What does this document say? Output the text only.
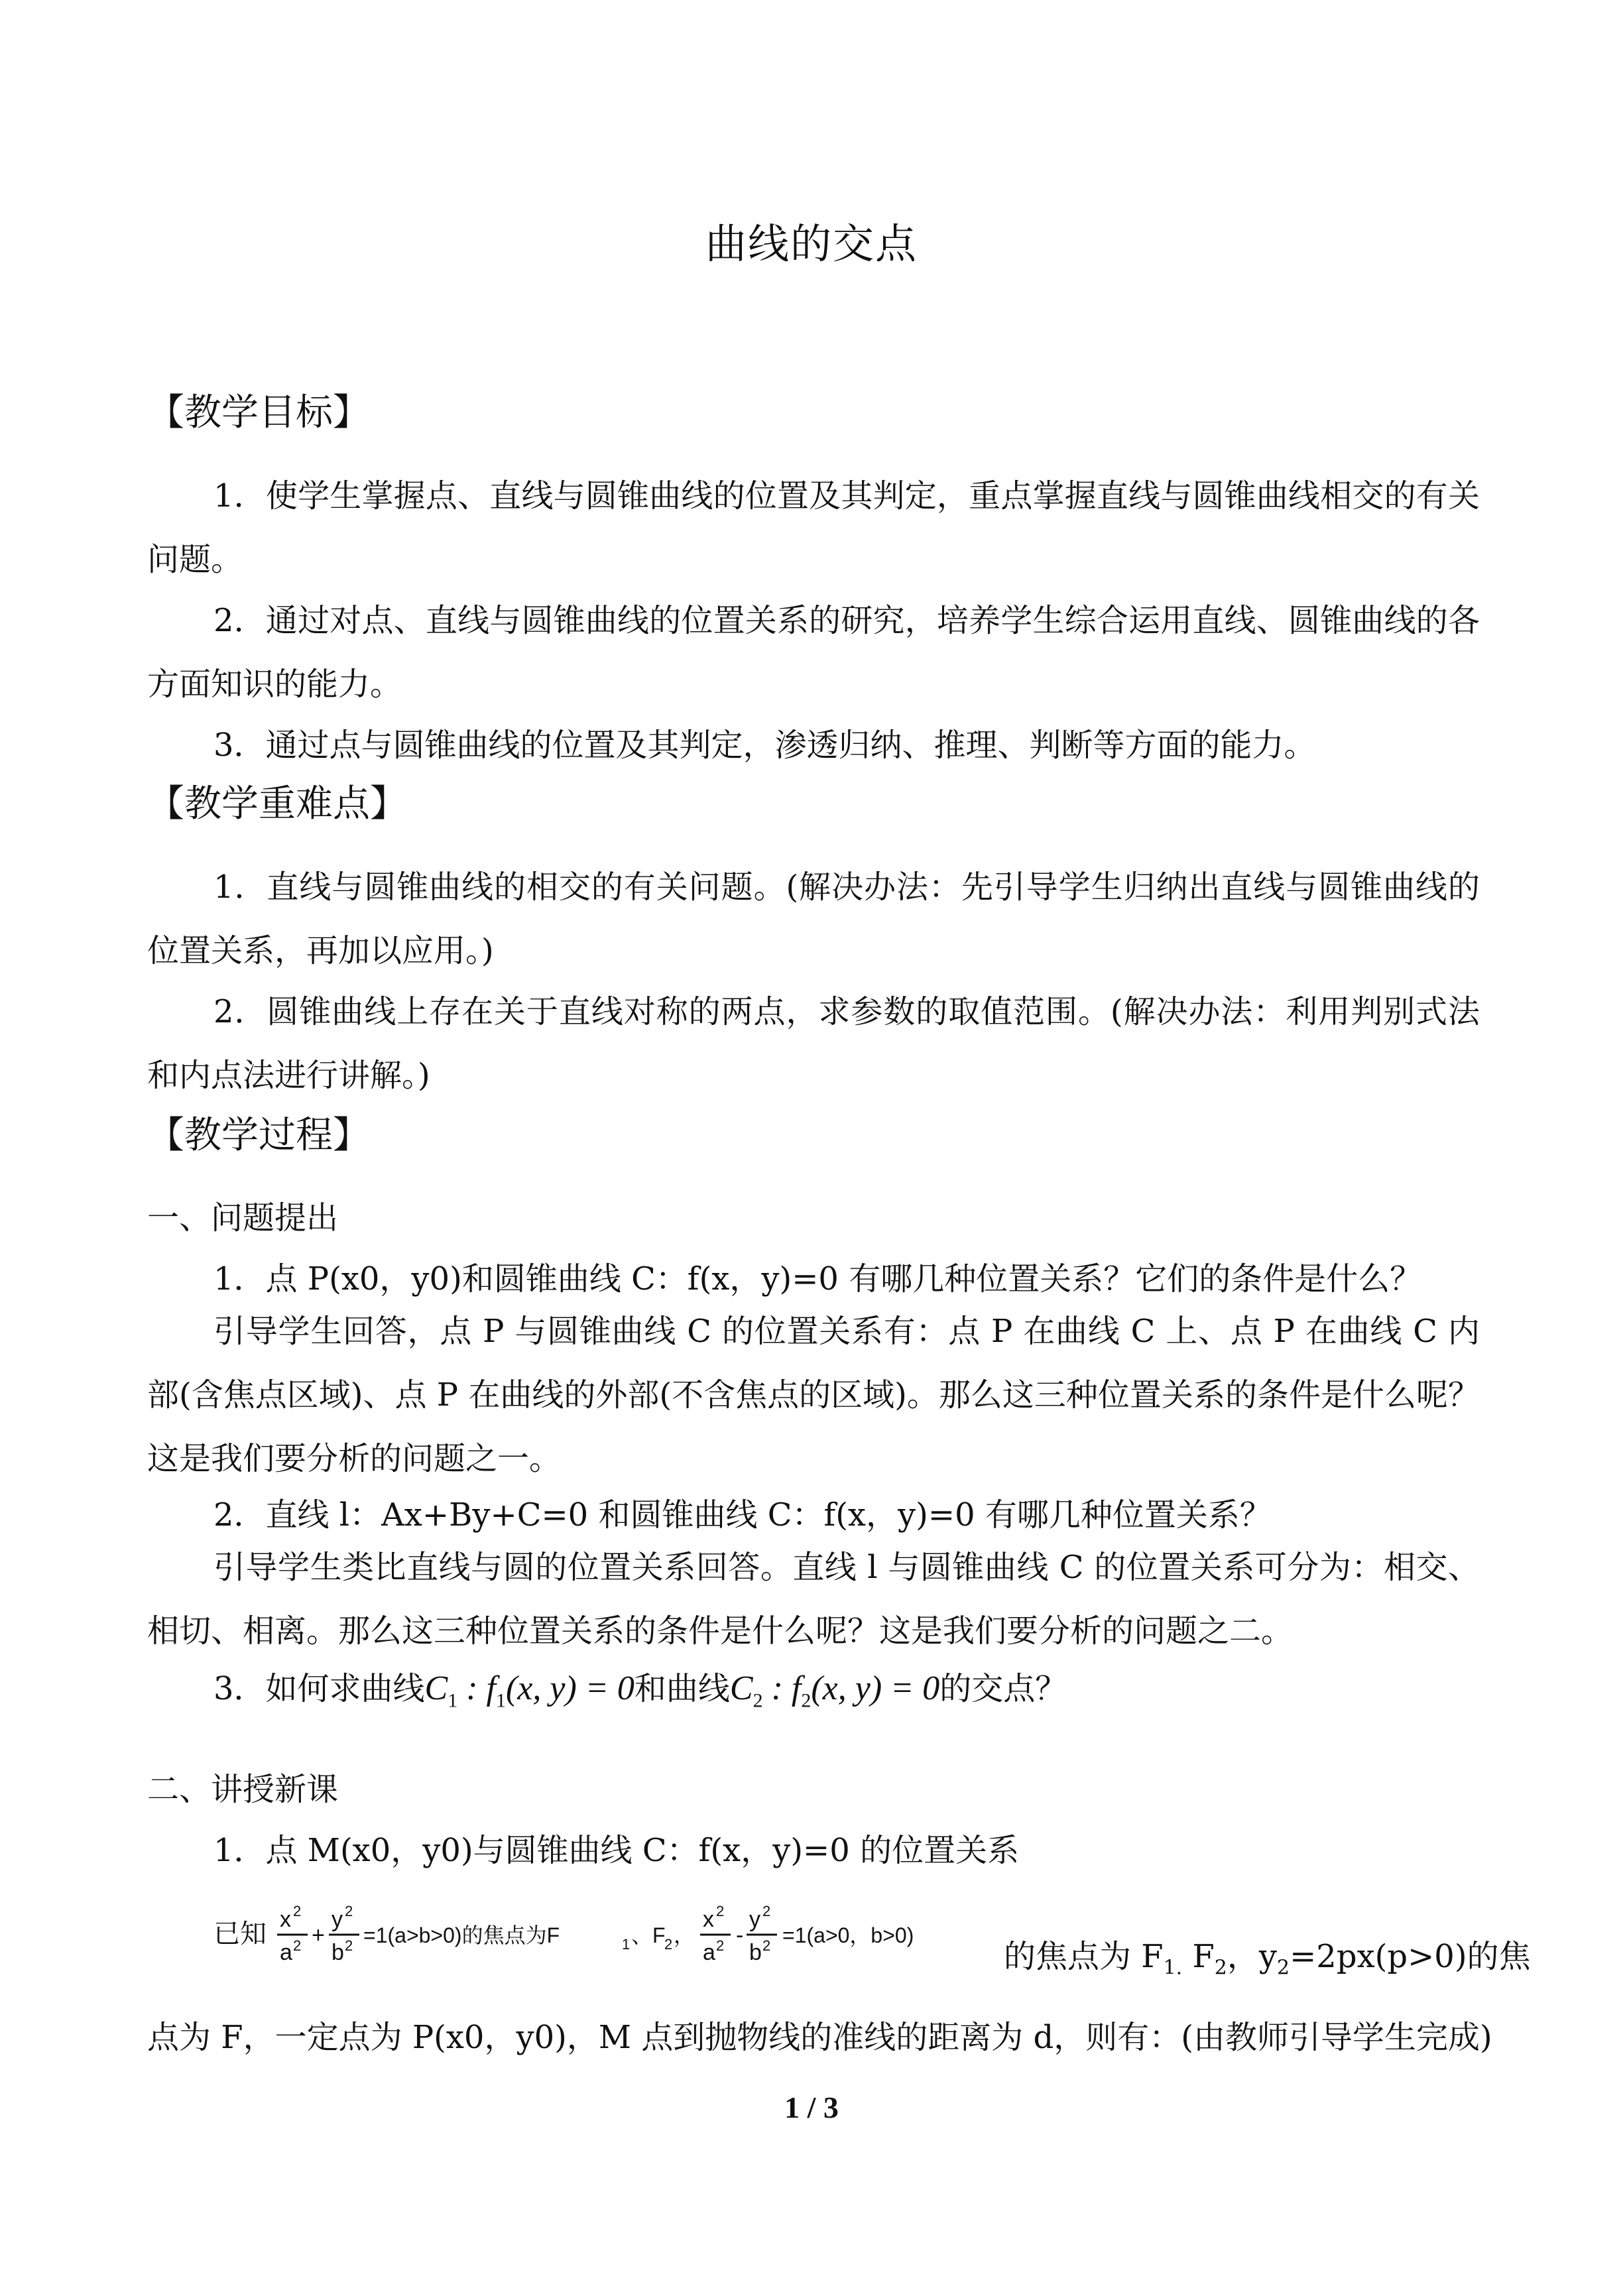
曲线的交点
【教学目标】
1．使学生掌握点、直线与圆锥曲线的位置及其判定，重点掌握直线与圆锥曲线相交的有关问题。
2．通过对点、直线与圆锥曲线的位置关系的研究，培养学生综合运用直线、圆锥曲线的各方面知识的能力。
3．通过点与圆锥曲线的位置及其判定，渗透归纳、推理、判断等方面的能力。
【教学重难点】
1．直线与圆锥曲线的相交的有关问题。(解决办法：先引导学生归纳出直线与圆锥曲线的位置关系，再加以应用。)
2．圆锥曲线上存在关于直线对称的两点，求参数的取值范围。(解决办法：利用判别式法和内点法进行讲解。)
【教学过程】
一、问题提出
1．点 P(x0，y0)和圆锥曲线 C：f(x，y)=0 有哪几种位置关系？它们的条件是什么？
引导学生回答，点 P 与圆锥曲线 C 的位置关系有：点 P 在曲线 C 上、点 P 在曲线 C 内部(含焦点区域)、点 P 在曲线的外部(不含焦点的区域)。那么这三种位置关系的条件是什么呢？这是我们要分析的问题之一。
2．直线 l：Ax+By+C=0 和圆锥曲线 C：f(x，y)=0 有哪几种位置关系？
引导学生类比直线与圆的位置关系回答。直线 l 与圆锥曲线 C 的位置关系可分为：相交、相切、相离。那么这三种位置关系的条件是什么呢？这是我们要分析的问题之二。
3．如何求曲线$C_1$ : $f_1(x$, y) = 0和曲线$C_2$ : $f_2(x$, y) = 0的交点？
二、讲授新课
1．点 M(x0，y0)与圆锥曲线 C：f(x，y)=0 的位置关系
已知 x 2
a 2 +
y 2
b 2 =1(a>b>0)的焦点为F	1 、F
2 ，
x 2
a 2 -
y 2
b 2 =1(a>0，b>0)
的焦点为 $F_{1.}$ $F_2$，$y_2=2px(p>0)$的焦
点为 F，一定点为 P(x0，y0)，M 点到抛物线的准线的距离为 d，则有：(由教师引导学生完成)
1 / 3
